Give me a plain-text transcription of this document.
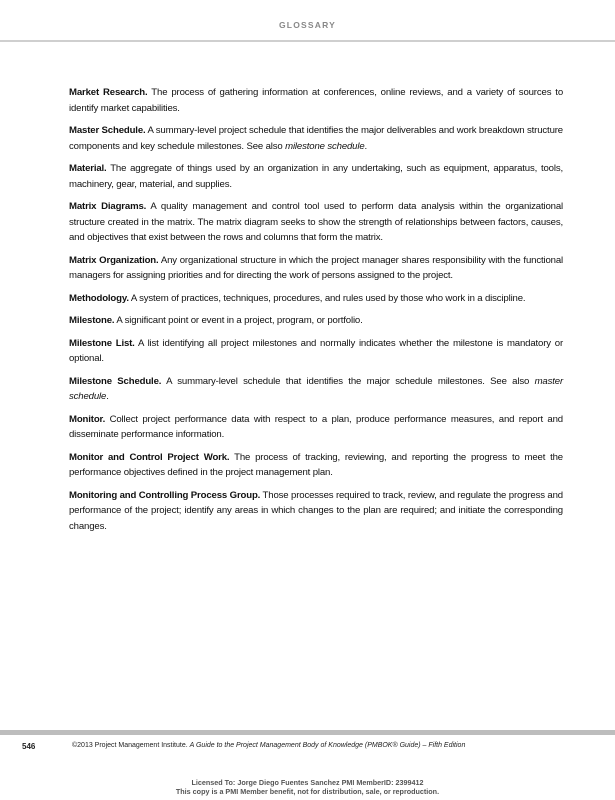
GLOSSARY

Market Research. The process of gathering information at conferences, online reviews, and a variety of sources to identify market capabilities.

Master Schedule. A summary-level project schedule that identifies the major deliverables and work breakdown structure components and key schedule milestones. See also milestone schedule.

Material. The aggregate of things used by an organization in any undertaking, such as equipment, apparatus, tools, machinery, gear, material, and supplies.

Matrix Diagrams. A quality management and control tool used to perform data analysis within the organizational structure created in the matrix. The matrix diagram seeks to show the strength of relationships between factors, causes, and objectives that exist between the rows and columns that form the matrix.

Matrix Organization. Any organizational structure in which the project manager shares responsibility with the functional managers for assigning priorities and for directing the work of persons assigned to the project.

Methodology. A system of practices, techniques, procedures, and rules used by those who work in a discipline.

Milestone. A significant point or event in a project, program, or portfolio.

Milestone List. A list identifying all project milestones and normally indicates whether the milestone is mandatory or optional.

Milestone Schedule. A summary-level schedule that identifies the major schedule milestones. See also master schedule.

Monitor. Collect project performance data with respect to a plan, produce performance measures, and report and disseminate performance information.

Monitor and Control Project Work. The process of tracking, reviewing, and reporting the progress to meet the performance objectives defined in the project management plan.

Monitoring and Controlling Process Group. Those processes required to track, review, and regulate the progress and performance of the project; identify any areas in which changes to the plan are required; and initiate the corresponding changes.

546	©2013 Project Management Institute. A Guide to the Project Management Body of Knowledge (PMBOK® Guide) – Fifth Edition
Licensed To: Jorge Diego Fuentes Sanchez PMI MemberID: 2399412
This copy is a PMI Member benefit, not for distribution, sale, or reproduction.
